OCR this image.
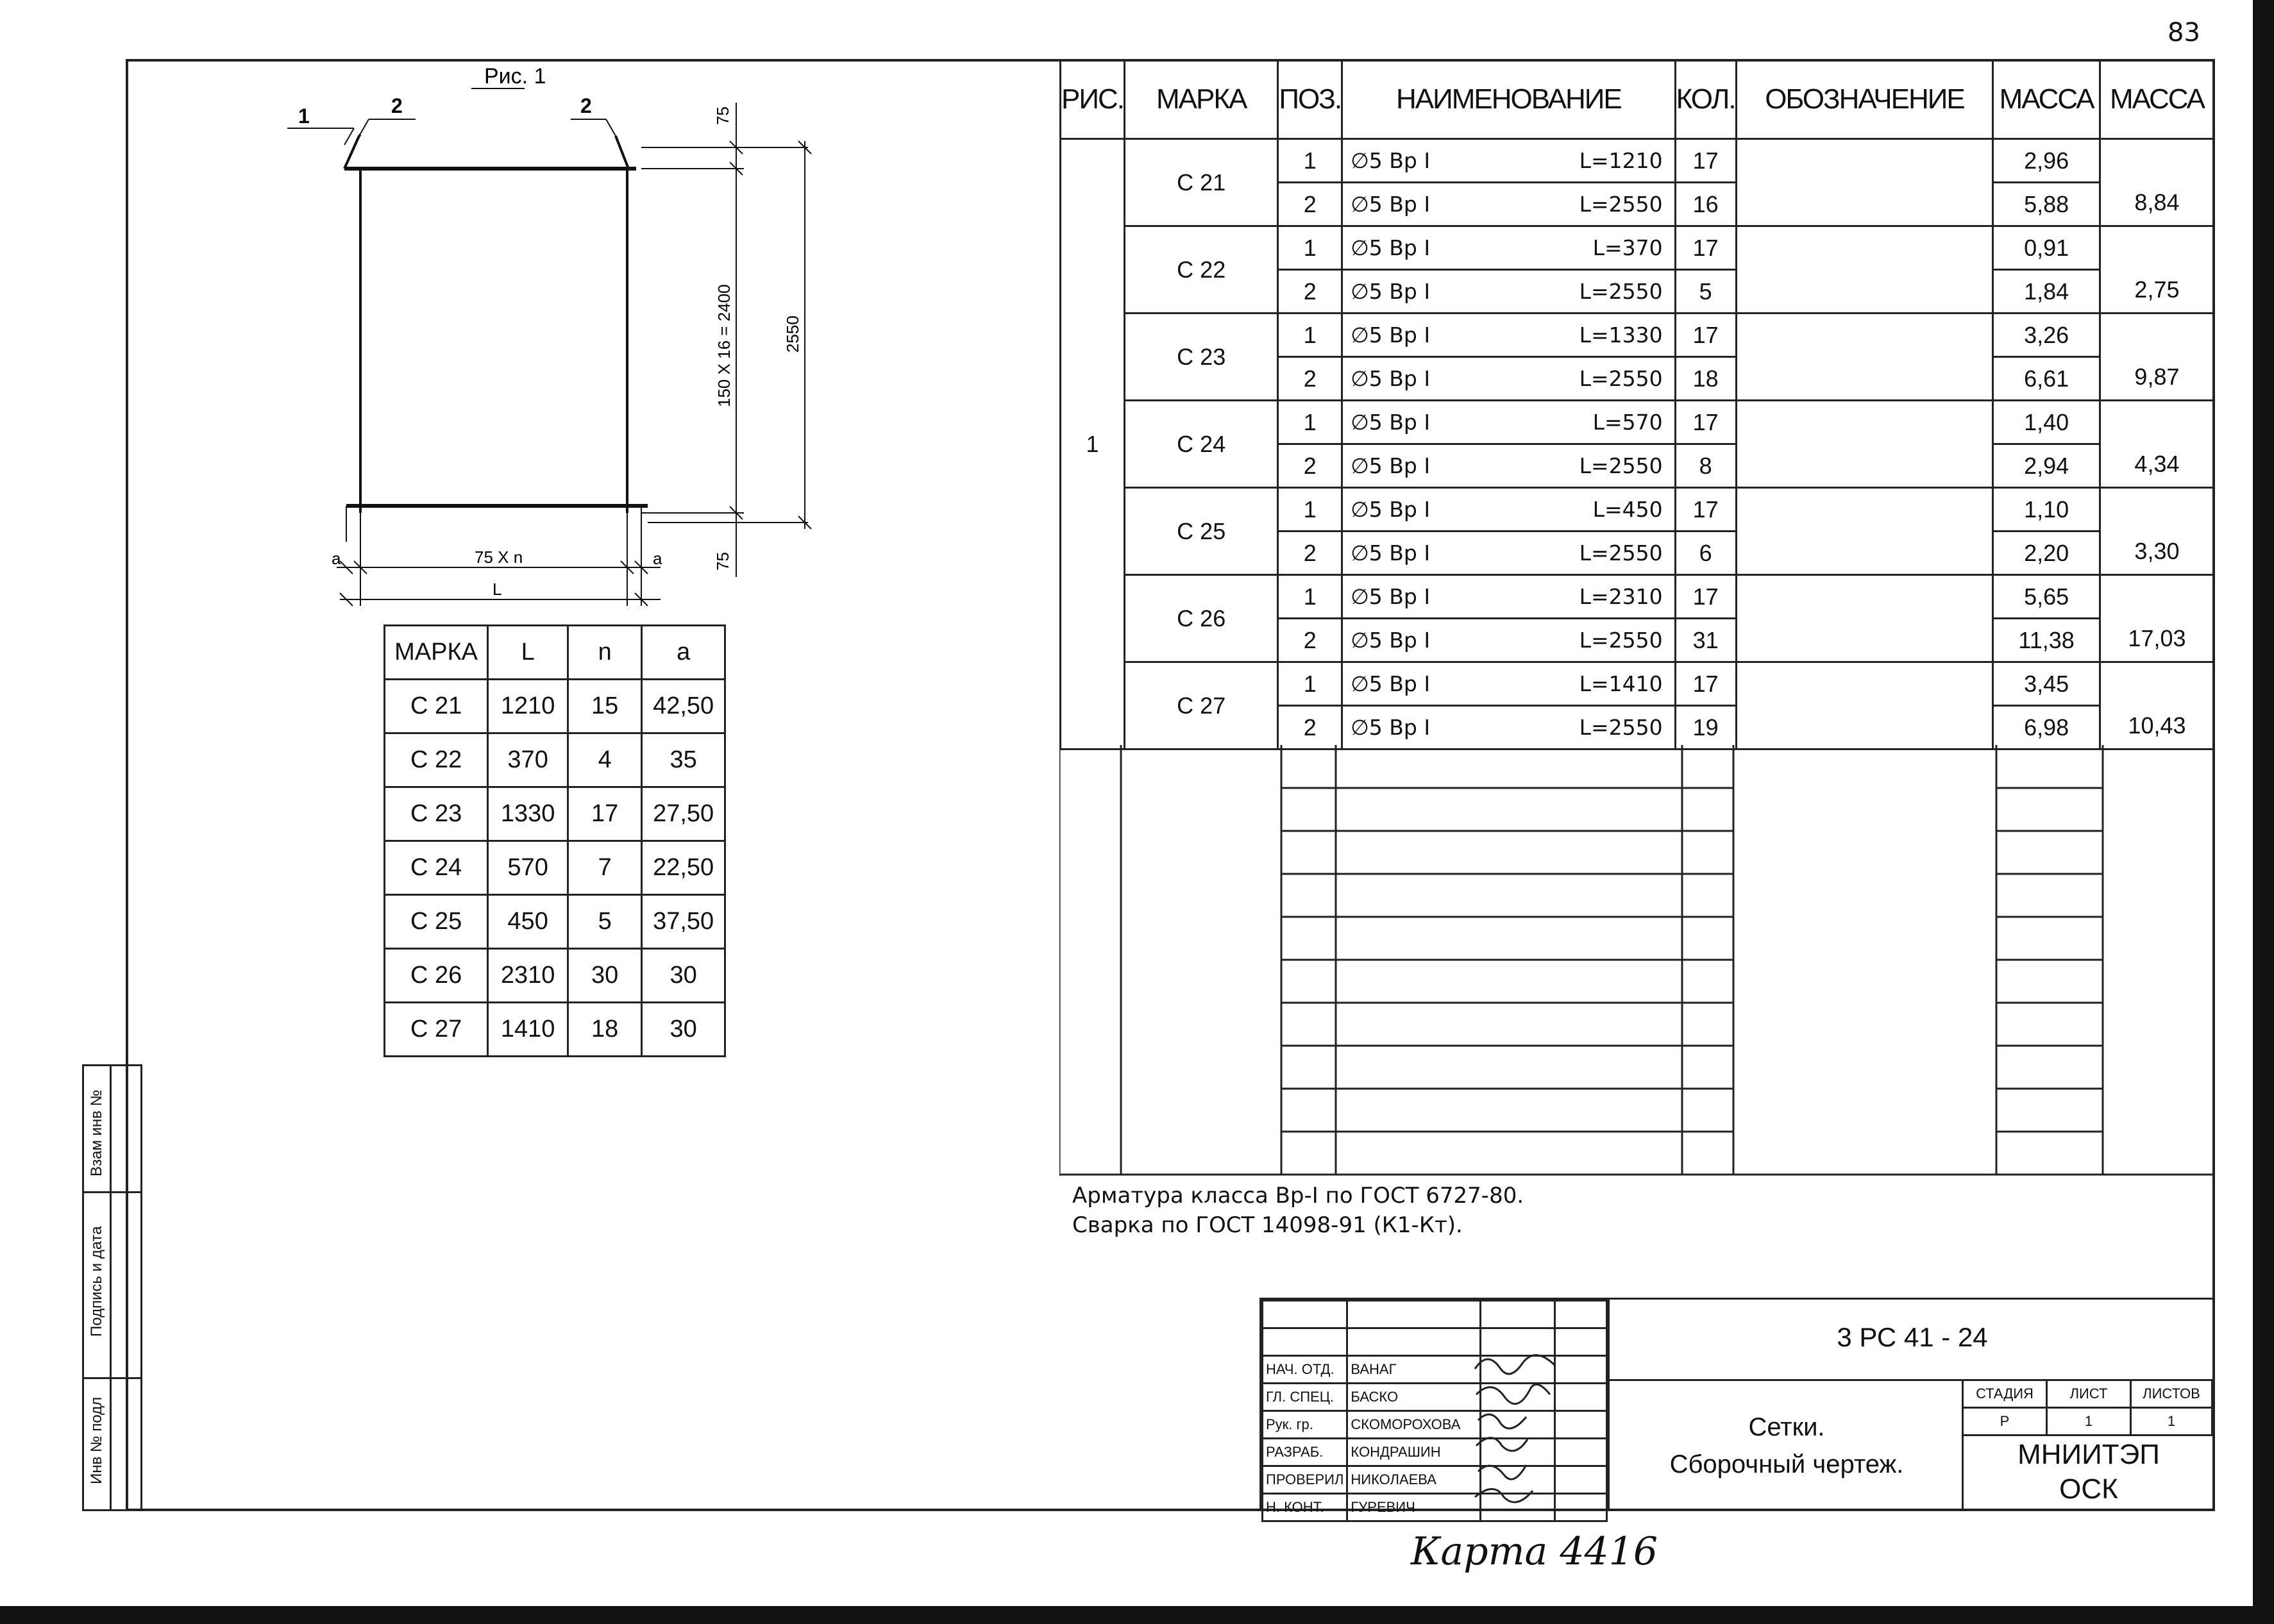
83
Рис. 1
1	2	2	75
75
150 Х 16 = 2400	2550
75 Х n
L
a	a
МАРКА	L	n	a
С 21	1210	15	42,50
С 22	370	4	35
С 23	1330	17	27,50
С 24	570	7	22,50
С 25	450	5	37,50
С 26	2310	30	30
С 27	1410	18	30
РИС.	МАРКА	ПОЗ.	НАИМЕНОВАНИЕ	КОЛ.	ОБОЗНАЧЕНИЕ	МАССА	МАССА
1	С 21	1	∅5 Вр I L=1210	17		2,96	8,84
		2	∅5 Вр I L=2550	16		5,88	
	С 22	1	∅5 Вр I L=370	17		0,91	2,75
		2	∅5 Вр I L=2550	5		1,84	
	С 23	1	∅5 Вр I L=1330	17		3,26	9,87
		2	∅5 Вр I L=2550	18		6,61	
	С 24	1	∅5 Вр I L=570	17		1,40	4,34
		2	∅5 Вр I L=2550	8		2,94	
	С 25	1	∅5 Вр I L=450	17		1,10	3,30
		2	∅5 Вр I L=2550	6		2,20	
	С 26	1	∅5 Вр I L=2310	17		5,65	17,03
		2	∅5 Вр I L=2550	31		11,38	
	С 27	1	∅5 Вр I L=1410	17		3,45	10,43
		2	∅5 Вр I L=2550	19		6,98	
Арматура класса Вр-I по ГОСТ 6727-80.
Сварка по ГОСТ 14098-91 (К1-Кт).
Взам инв №
Подпись и дата
Инв № подл

НАЧ. ОТД.	ВАНАГ		
ГЛ. СПЕЦ.	БАСКО		
Рук. гр.	СКОМОРОХОВА		
РАЗРАБ.	КОНДРАШИН		
ПРОВЕРИЛ	НИКОЛАЕВА		
Н. КОНТ.	ГУРЕВИЧ		
3 РС 41 - 24
Сетки.
Сборочный чертеж.
СТАДИЯ	ЛИСТ	ЛИСТОВ
Р	1	1
МНИИТЭП
ОСК
Карта 4416
